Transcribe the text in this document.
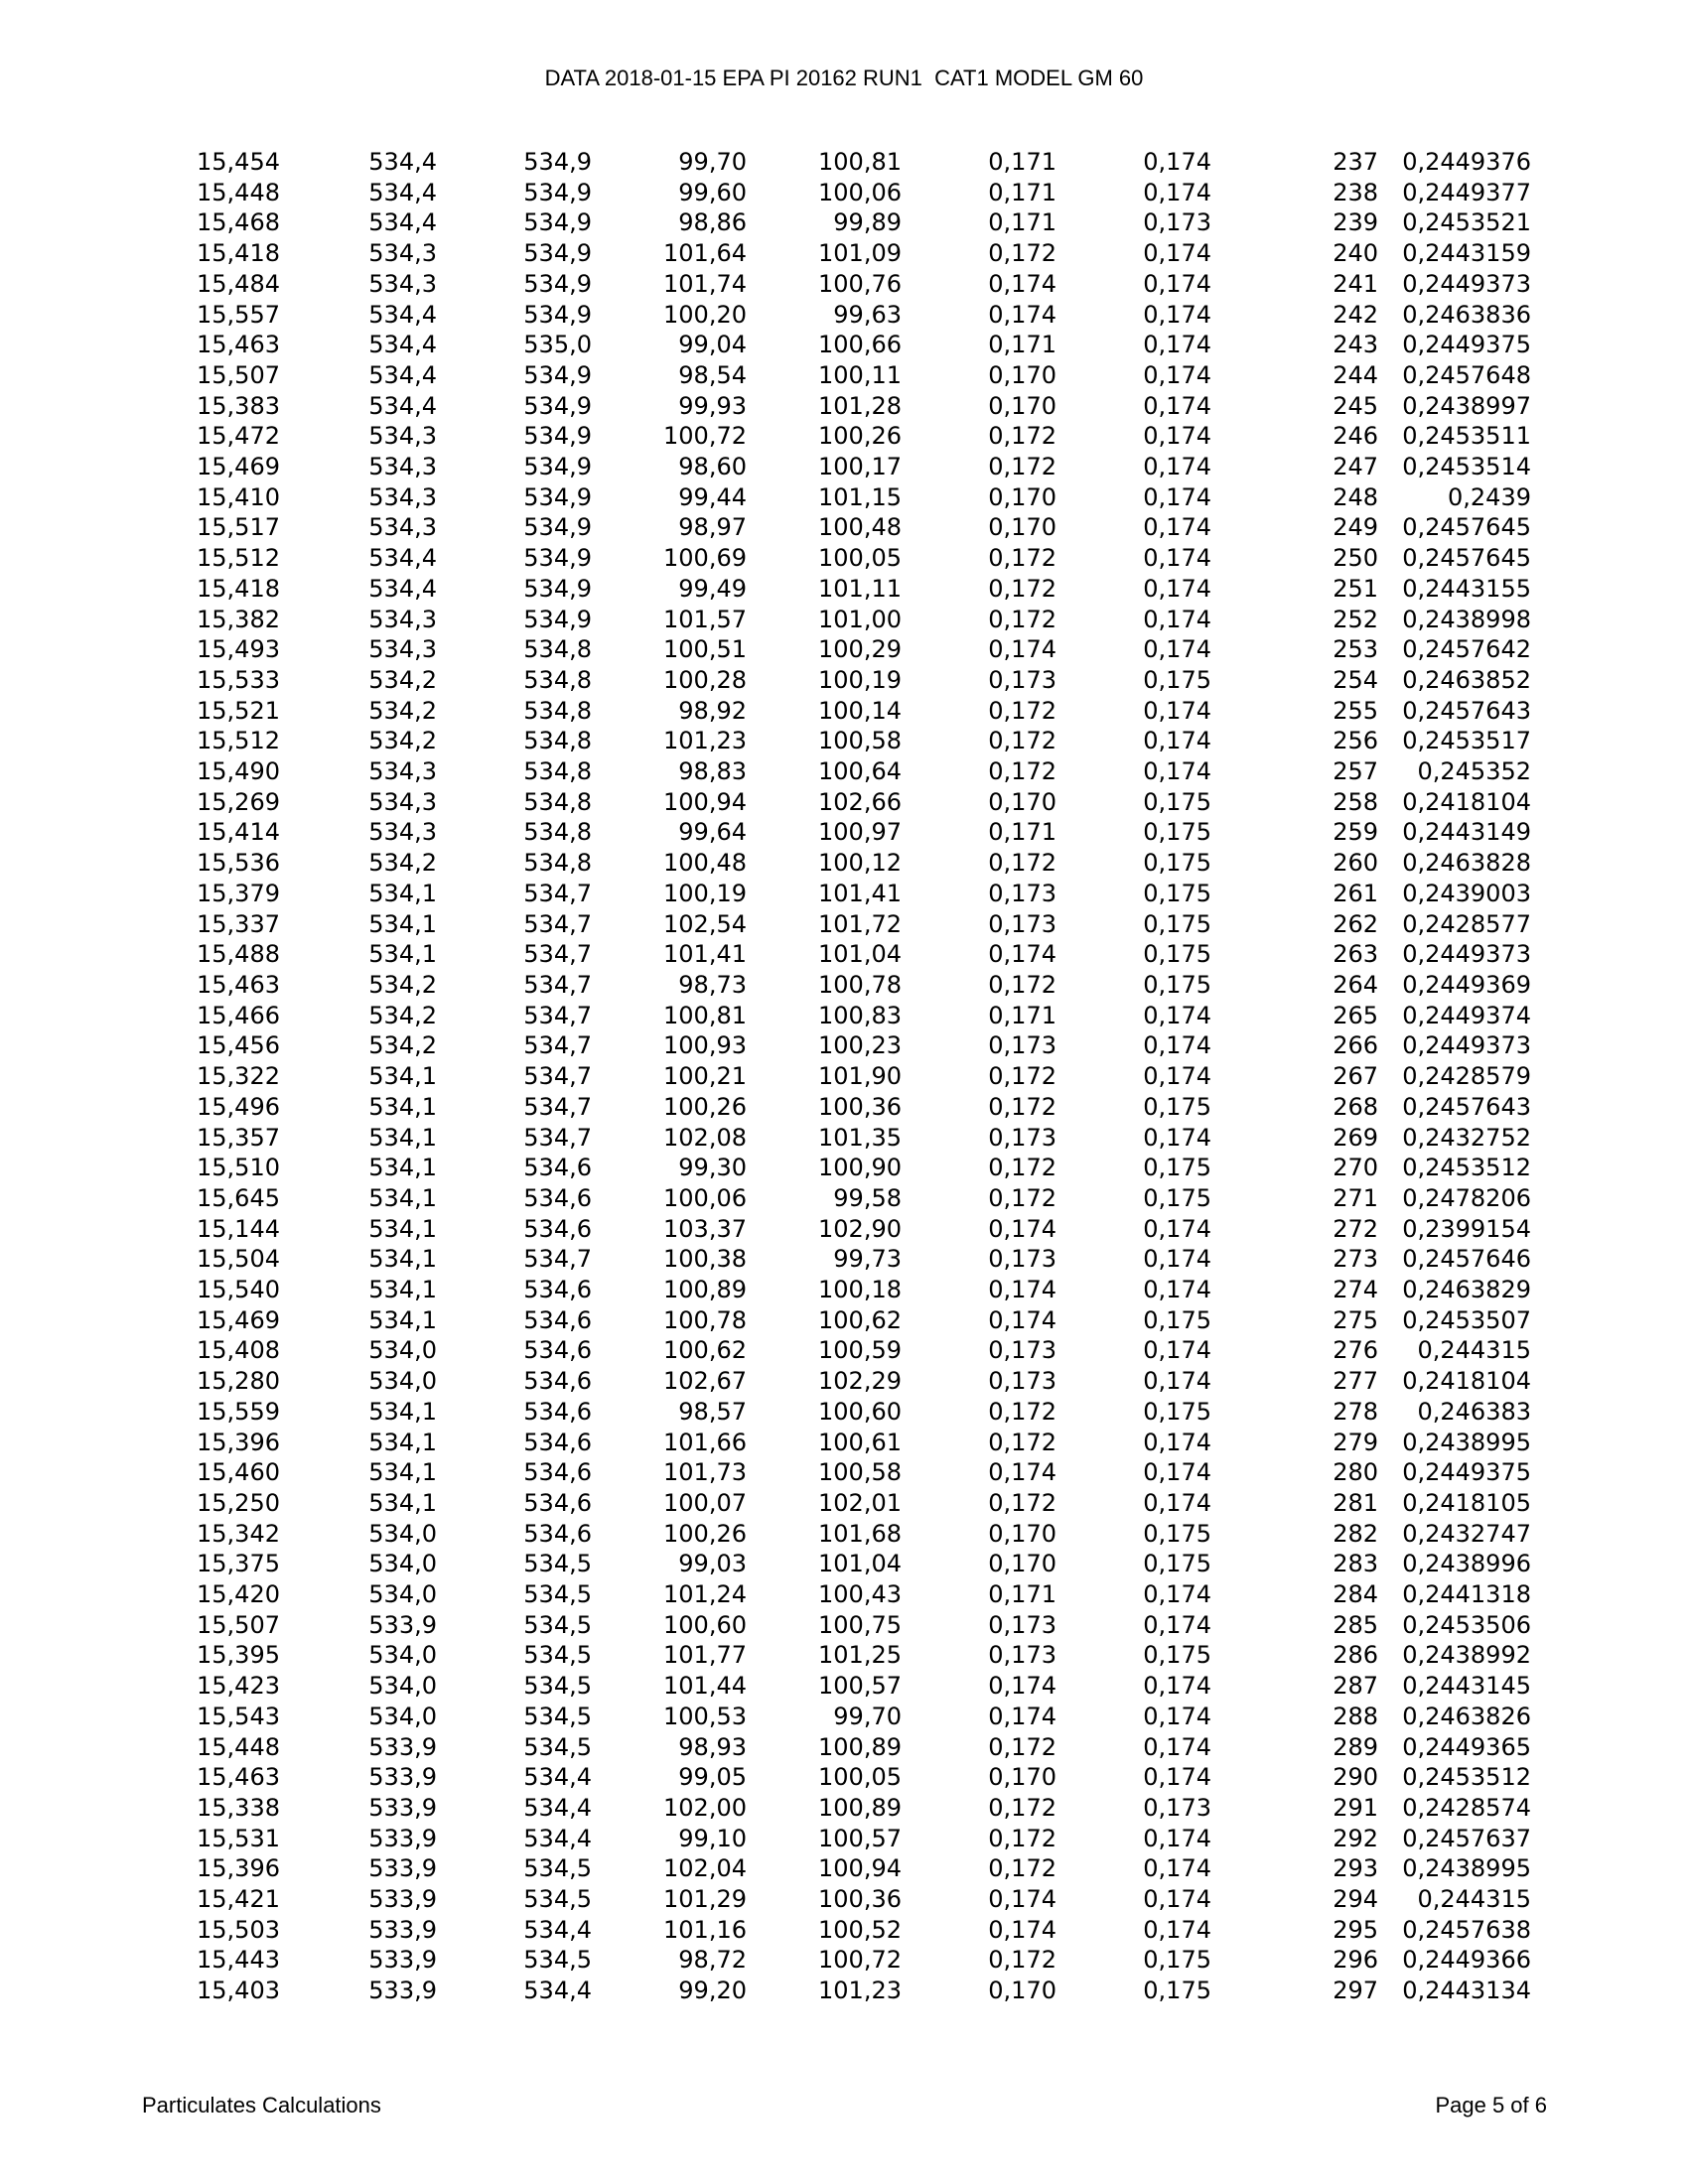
DATA 2018-01-15 EPA PI 20162 RUN1  CAT1 MODEL GM 60
15,454	534,4	534,9	99,70	100,81	0,171	0,174	237	0,2449376
15,448	534,4	534,9	99,60	100,06	0,171	0,174	238	0,2449377
15,468	534,4	534,9	98,86	99,89	0,171	0,173	239	0,2453521
15,418	534,3	534,9	101,64	101,09	0,172	0,174	240	0,2443159
15,484	534,3	534,9	101,74	100,76	0,174	0,174	241	0,2449373
15,557	534,4	534,9	100,20	99,63	0,174	0,174	242	0,2463836
15,463	534,4	535,0	99,04	100,66	0,171	0,174	243	0,2449375
15,507	534,4	534,9	98,54	100,11	0,170	0,174	244	0,2457648
15,383	534,4	534,9	99,93	101,28	0,170	0,174	245	0,2438997
15,472	534,3	534,9	100,72	100,26	0,172	0,174	246	0,2453511
15,469	534,3	534,9	98,60	100,17	0,172	0,174	247	0,2453514
15,410	534,3	534,9	99,44	101,15	0,170	0,174	248	0,2439
15,517	534,3	534,9	98,97	100,48	0,170	0,174	249	0,2457645
15,512	534,4	534,9	100,69	100,05	0,172	0,174	250	0,2457645
15,418	534,4	534,9	99,49	101,11	0,172	0,174	251	0,2443155
15,382	534,3	534,9	101,57	101,00	0,172	0,174	252	0,2438998
15,493	534,3	534,8	100,51	100,29	0,174	0,174	253	0,2457642
15,533	534,2	534,8	100,28	100,19	0,173	0,175	254	0,2463852
15,521	534,2	534,8	98,92	100,14	0,172	0,174	255	0,2457643
15,512	534,2	534,8	101,23	100,58	0,172	0,174	256	0,2453517
15,490	534,3	534,8	98,83	100,64	0,172	0,174	257	0,245352
15,269	534,3	534,8	100,94	102,66	0,170	0,175	258	0,2418104
15,414	534,3	534,8	99,64	100,97	0,171	0,175	259	0,2443149
15,536	534,2	534,8	100,48	100,12	0,172	0,175	260	0,2463828
15,379	534,1	534,7	100,19	101,41	0,173	0,175	261	0,2439003
15,337	534,1	534,7	102,54	101,72	0,173	0,175	262	0,2428577
15,488	534,1	534,7	101,41	101,04	0,174	0,175	263	0,2449373
15,463	534,2	534,7	98,73	100,78	0,172	0,175	264	0,2449369
15,466	534,2	534,7	100,81	100,83	0,171	0,174	265	0,2449374
15,456	534,2	534,7	100,93	100,23	0,173	0,174	266	0,2449373
15,322	534,1	534,7	100,21	101,90	0,172	0,174	267	0,2428579
15,496	534,1	534,7	100,26	100,36	0,172	0,175	268	0,2457643
15,357	534,1	534,7	102,08	101,35	0,173	0,174	269	0,2432752
15,510	534,1	534,6	99,30	100,90	0,172	0,175	270	0,2453512
15,645	534,1	534,6	100,06	99,58	0,172	0,175	271	0,2478206
15,144	534,1	534,6	103,37	102,90	0,174	0,174	272	0,2399154
15,504	534,1	534,7	100,38	99,73	0,173	0,174	273	0,2457646
15,540	534,1	534,6	100,89	100,18	0,174	0,174	274	0,2463829
15,469	534,1	534,6	100,78	100,62	0,174	0,175	275	0,2453507
15,408	534,0	534,6	100,62	100,59	0,173	0,174	276	0,244315
15,280	534,0	534,6	102,67	102,29	0,173	0,174	277	0,2418104
15,559	534,1	534,6	98,57	100,60	0,172	0,175	278	0,246383
15,396	534,1	534,6	101,66	100,61	0,172	0,174	279	0,2438995
15,460	534,1	534,6	101,73	100,58	0,174	0,174	280	0,2449375
15,250	534,1	534,6	100,07	102,01	0,172	0,174	281	0,2418105
15,342	534,0	534,6	100,26	101,68	0,170	0,175	282	0,2432747
15,375	534,0	534,5	99,03	101,04	0,170	0,175	283	0,2438996
15,420	534,0	534,5	101,24	100,43	0,171	0,174	284	0,2441318
15,507	533,9	534,5	100,60	100,75	0,173	0,174	285	0,2453506
15,395	534,0	534,5	101,77	101,25	0,173	0,175	286	0,2438992
15,423	534,0	534,5	101,44	100,57	0,174	0,174	287	0,2443145
15,543	534,0	534,5	100,53	99,70	0,174	0,174	288	0,2463826
15,448	533,9	534,5	98,93	100,89	0,172	0,174	289	0,2449365
15,463	533,9	534,4	99,05	100,05	0,170	0,174	290	0,2453512
15,338	533,9	534,4	102,00	100,89	0,172	0,173	291	0,2428574
15,531	533,9	534,4	99,10	100,57	0,172	0,174	292	0,2457637
15,396	533,9	534,5	102,04	100,94	0,172	0,174	293	0,2438995
15,421	533,9	534,5	101,29	100,36	0,174	0,174	294	0,244315
15,503	533,9	534,4	101,16	100,52	0,174	0,174	295	0,2457638
15,443	533,9	534,5	98,72	100,72	0,172	0,175	296	0,2449366
15,403	533,9	534,4	99,20	101,23	0,170	0,175	297	0,2443134
Particulates Calculations	Page 5 of 6
